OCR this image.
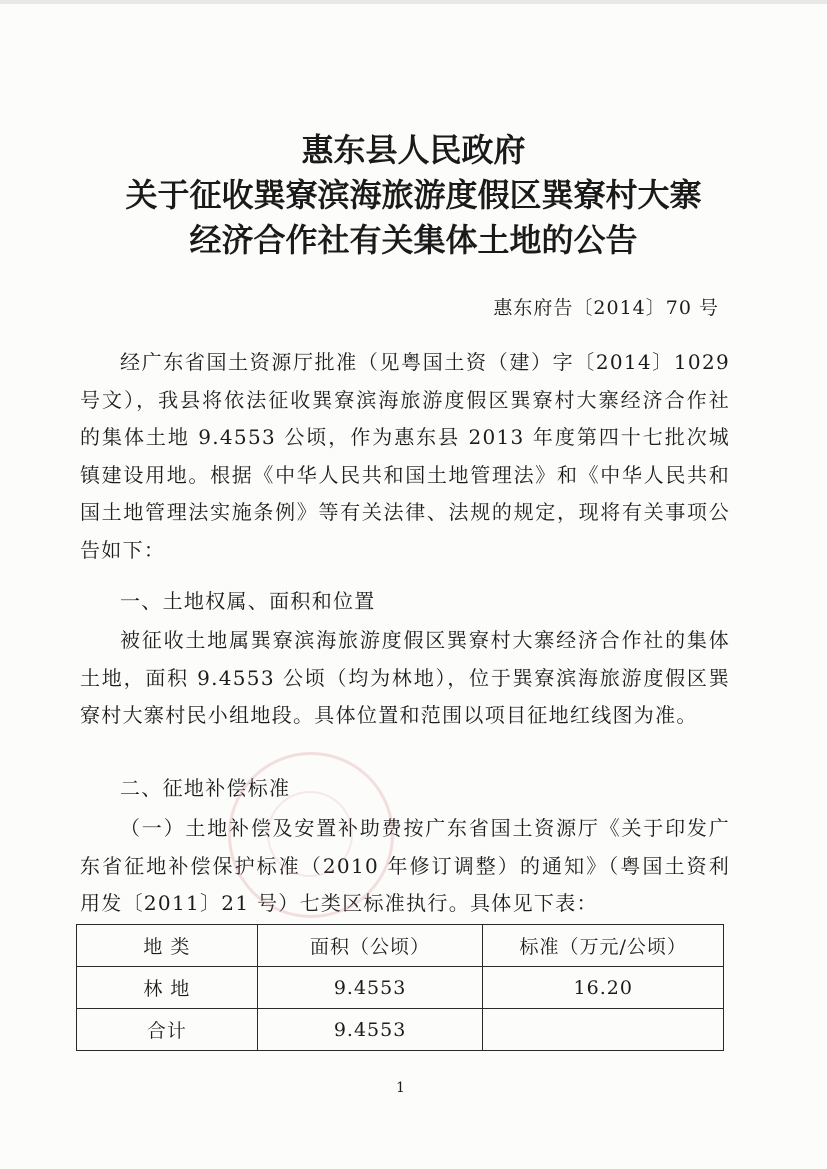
惠东县人民政府
关于征收巽寮滨海旅游度假区巽寮村大寨
经济合作社有关集体土地的公告
惠东府告〔2014〕70 号

经广东省国土资源厅批准（见粤国土资（建）字〔2014〕1029号文），我县将依法征收巽寮滨海旅游度假区巽寮村大寨经济合作社的集体土地 9.4553 公顷，作为惠东县 2013 年度第四十七批次城镇建设用地。根据《中华人民共和国土地管理法》和《中华人民共和国土地管理法实施条例》等有关法律、法规的规定，现将有关事项公告如下：

一、土地权属、面积和位置

被征收土地属巽寮滨海旅游度假区巽寮村大寨经济合作社的集体土地，面积 9.4553 公顷（均为林地），位于巽寮滨海旅游度假区巽寮村大寨村民小组地段。具体位置和范围以项目征地红线图为准。

二、征地补偿标准

（一）土地补偿及安置补助费按广东省国土资源厅《关于印发广东省征地补偿保护标准（2010 年修订调整）的通知》（粤国土资利用发〔2011〕21 号）七类区标准执行。具体见下表：

地 类	面积（公顷）	标准（万元/公顷）
林 地	9.4553	16.20
合计	9.4553	
1
